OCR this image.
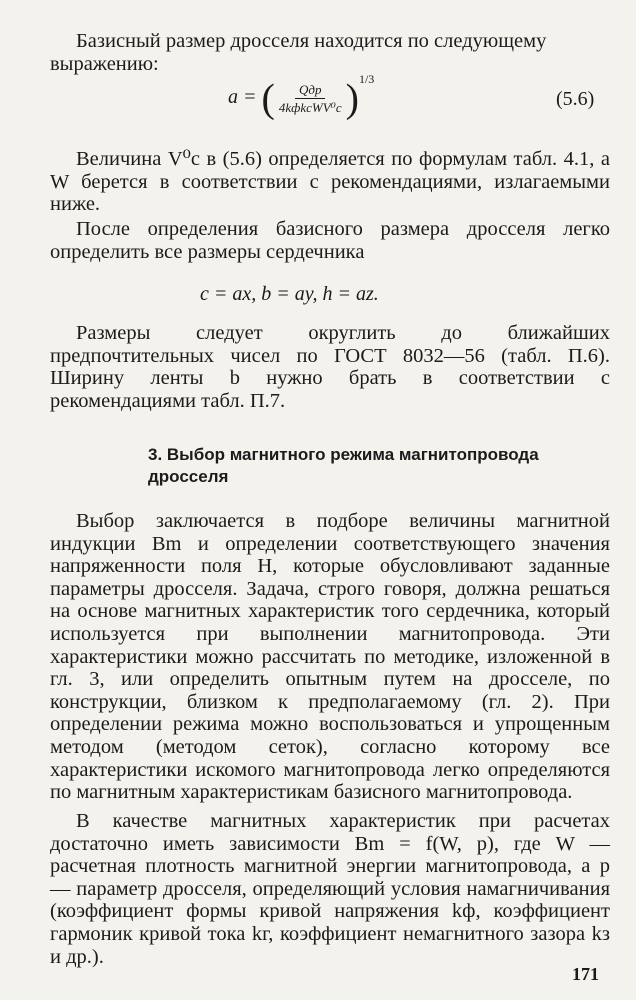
Базисный размер дросселя находится по следующему
выражению:

a = ( $\frac{\text{Qдр}}{\text{4kфkcWV⁰c}} )^{1/3}$
(5.6)

Величина V⁰c в (5.6) определяется по формулам табл. 4.1, а W берется в соответствии с рекомендациями, излагаемыми ниже.

После определения базисного размера дросселя легко определить все размеры сердечника

c = ax, b = ay, h = az.

Размеры следует округлить до ближайших предпочтительных чисел по ГОСТ 8032—56 (табл. П.6). Ширину ленты b нужно брать в соответствии с рекомендациями табл. П.7.

3. Выбор магнитного режима магнитопровода
дросселя

Выбор заключается в подборе величины магнитной индукции Bm и определении соответствующего значения напряженности поля H, которые обусловливают заданные параметры дросселя. Задача, строго говоря, должна решаться на основе магнитных характеристик того сердечника, который используется при выполнении магнитопровода. Эти характеристики можно рассчитать по методике, изложенной в гл. 3, или определить опытным путем на дросселе, по конструкции, близком к предполагаемому (гл. 2). При определении режима можно воспользоваться и упрощенным методом (методом сеток), согласно которому все характеристики искомого магнитопровода легко определяются по магнитным характеристикам базисного магнитопровода.

В качестве магнитных характеристик при расчетах достаточно иметь зависимости Bm = f(W, p), где W — расчетная плотность магнитной энергии магнитопровода, а p — параметр дросселя, определяющий условия намагничивания (коэффициент формы кривой напряжения kф, коэффициент гармоник кривой тока kг, коэффициент немагнитного зазора kз и др.).

171
